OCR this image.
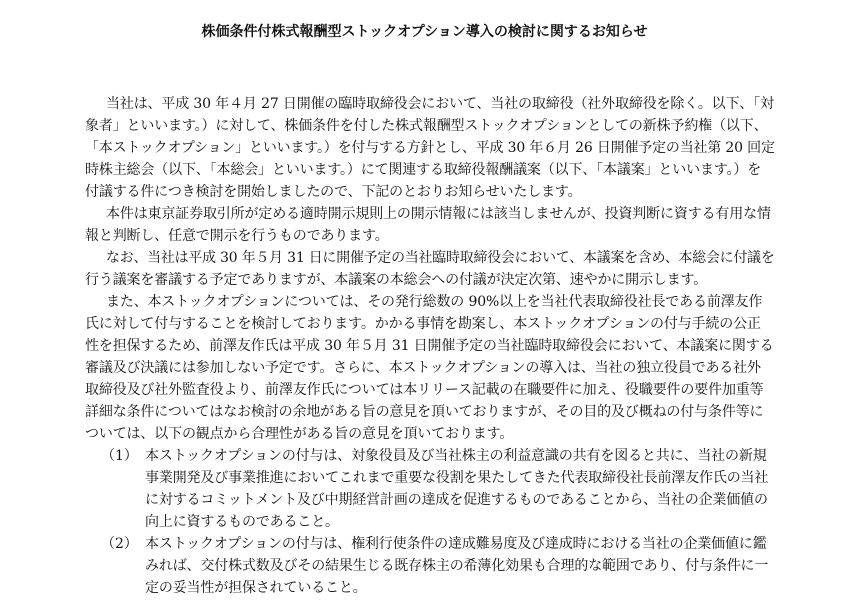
株価条件付株式報酬型ストックオプション導入の検討に関するお知らせ
当社は、平成 30 年４月 27 日開催の臨時取締役会において、当社の取締役（社外取締役を除く。以下、「対
象者」といいます。）に対して、株価条件を付した株式報酬型ストックオプションとしての新株予約権（以下、
「本ストックオプション」といいます。）を付与する方針とし、平成 30 年６月 26 日開催予定の当社第 20 回定
時株主総会（以下、「本総会」といいます。）にて関連する取締役報酬議案（以下、「本議案」といいます。）を
付議する件につき検討を開始しましたので、下記のとおりお知らせいたします。
本件は東京証券取引所が定める適時開示規則上の開示情報には該当しませんが、投資判断に資する有用な情
報と判断し、任意で開示を行うものであります。
なお、当社は平成 30 年５月 31 日に開催予定の当社臨時取締役会において、本議案を含め、本総会に付議を
行う議案を審議する予定でありますが、本議案の本総会への付議が決定次第、速やかに開示します。
また、本ストックオプションについては、その発行総数の 90%以上を当社代表取締役社長である前澤友作
氏に対して付与することを検討しております。かかる事情を勘案し、本ストックオプションの付与手続の公正
性を担保するため、前澤友作氏は平成 30 年５月 31 日開催予定の当社臨時取締役会において、本議案に関する
審議及び決議には参加しない予定です。さらに、本ストックオプションの導入は、当社の独立役員である社外
取締役及び社外監査役より、前澤友作氏については本リリース記載の在職要件に加え、役職要件の要件加重等
詳細な条件についてはなお検討の余地がある旨の意見を頂いておりますが、その目的及び概ねの付与条件等に
ついては、以下の観点から合理性がある旨の意見を頂いております。
（1） 本ストックオプションの付与は、対象役員及び当社株主の利益意識の共有を図ると共に、当社の新規
事業開発及び事業推進においてこれまで重要な役割を果たしてきた代表取締役社長前澤友作氏の当社
に対するコミットメント及び中期経営計画の達成を促進するものであることから、当社の企業価値の
向上に資するものであること。
（2） 本ストックオプションの付与は、権利行使条件の達成難易度及び達成時における当社の企業価値に鑑
みれば、交付株式数及びその結果生じる既存株主の希薄化効果も合理的な範囲であり、付与条件に一
定の妥当性が担保されていること。
